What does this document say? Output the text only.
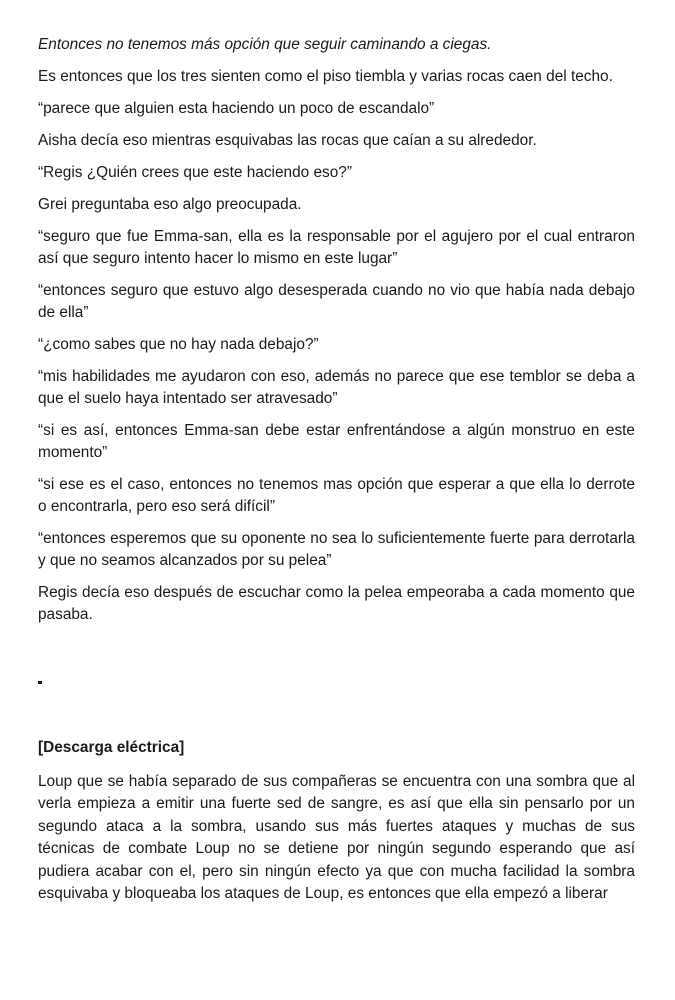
Entonces no tenemos más opción que seguir caminando a ciegas.

Es entonces que los tres sienten como el piso tiembla y varias rocas caen del techo.

“parece que alguien esta haciendo un poco de escandalo”

Aisha decía eso mientras esquivabas las rocas que caían a su alrededor.

“Regis ¿Quién crees que este haciendo eso?”

Grei preguntaba eso algo preocupada.

“seguro que fue Emma-san, ella es la responsable por el agujero por el cual entraron así que seguro intento hacer lo mismo en este lugar”

“entonces seguro que estuvo algo desesperada cuando no vio que había nada debajo de ella”

“¿como sabes que no hay nada debajo?”

“mis habilidades me ayudaron con eso, además no parece que ese temblor se deba a que el suelo haya intentado ser atravesado”

“si es así, entonces Emma-san debe estar enfrentándose a algún monstruo en este momento”

“si ese es el caso, entonces no tenemos mas opción que esperar a que ella lo derrote o encontrarla, pero eso será difícil”

“entonces esperemos que su oponente no sea lo suficientemente fuerte para derrotarla y que no seamos alcanzados por su pelea”

Regis decía eso después de escuchar como la pelea empeoraba a cada momento que pasaba.

[Descarga eléctrica]

Loup que se había separado de sus compañeras se encuentra con una sombra que al verla empieza a emitir una fuerte sed de sangre, es así que ella sin pensarlo por un segundo ataca a la sombra, usando sus más fuertes ataques y muchas de sus técnicas de combate Loup no se detiene por ningún segundo esperando que así pudiera acabar con el, pero sin ningún efecto ya que con mucha facilidad la sombra esquivaba y bloqueaba los ataques de Loup, es entonces que ella empezó a liberar
